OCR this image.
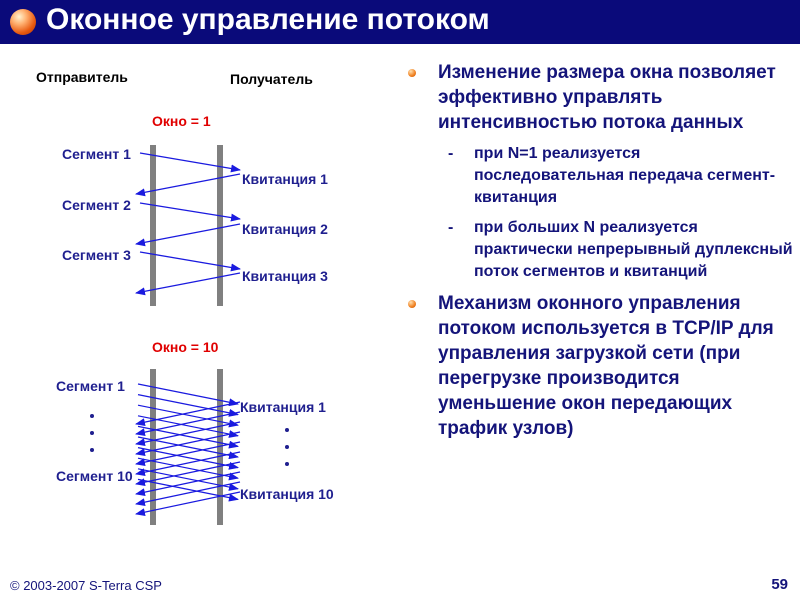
Оконное управление потоком
Отправитель	Получатель
Окно = 1
Сегмент 1
Сегмент 2
Сегмент 3
Квитанция 1
Квитанция 2
Квитанция 3
Окно = 10
Сегмент 1
Сегмент 10
Квитанция 1
Квитанция 10
Изменение размера окна позволяет эффективно управлять интенсивностью потока данных
- при N=1 реализуется последовательная передача сегмент-квитанция
- при больших N реализуется практически непрерывный дуплексный поток сегментов и квитанций
Механизм оконного управления потоком используется в TCP/IP для управления загрузкой сети (при перегрузке производится уменьшение окон передающих трафик узлов)
© 2003-2007 S-Terra CSP	59
